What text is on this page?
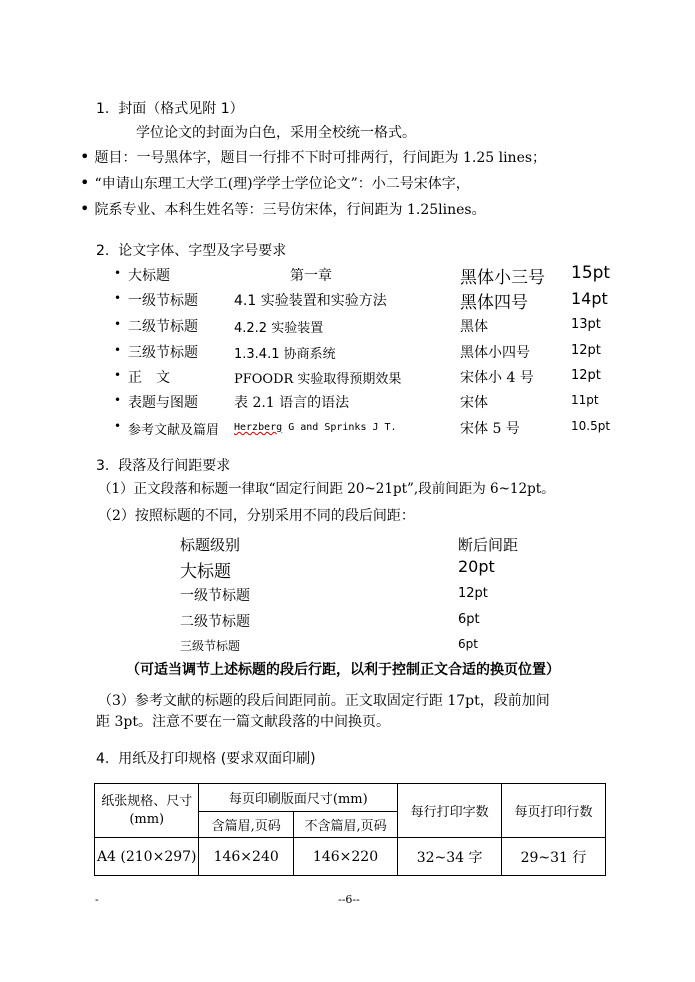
1. 封面（格式见附 1）
学位论文的封面为白色，采用全校统一格式。
• 题目：一号黑体字，题目一行排不下时可排两行，行间距为 1.25 lines；
• “申请山东理工大学工(理)学学士学位论文”：小二号宋体字，
• 院系专业、本科生姓名等：三号仿宋体，行间距为 1.25lines。
2. 论文字体、字型及字号要求
• 大标题	第一章	黑体小三号 15pt
• 一级节标题	4.1 实验装置和实验方法	黑体四号	14pt
• 二级节标题	4.2.2 实验装置	黑体	13pt
• 三级节标题	1.3.4.1 协商系统	黑体小四号	12pt
• 正　文	PFOODR 实验取得预期效果	宋体小 4 号	12pt
• 表题与图题	表 2.1 语言的语法	宋体	11pt
• 参考文献及篇眉 Herzberg G and Sprinks J T.	宋体 5 号	10.5pt
3. 段落及行间距要求
（1）正文段落和标题一律取“固定行间距 20~21pt”,段前间距为 6~12pt。
（2）按照标题的不同，分别采用不同的段后间距：
标题级别	断后间距
大标题	20pt
一级节标题	12pt
二级节标题	6pt
三级节标题	6pt
（可适当调节上述标题的段后行距，以利于控制正文合适的换页位置）
（3）参考文献的标题的段后间距同前。正文取固定行距 17pt，段前加间
距 3pt。注意不要在一篇文献段落的中间换页。
4. 用纸及打印规格 (要求双面印刷)
纸张规格、尺寸(mm)	每页印刷版面尺寸(mm)		每行打印字数	每页打印行数
	含篇眉,页码	不含篇眉,页码		
A4 (210×297)	146×240	146×220	32~34 字	29~31 行
-	--6--
